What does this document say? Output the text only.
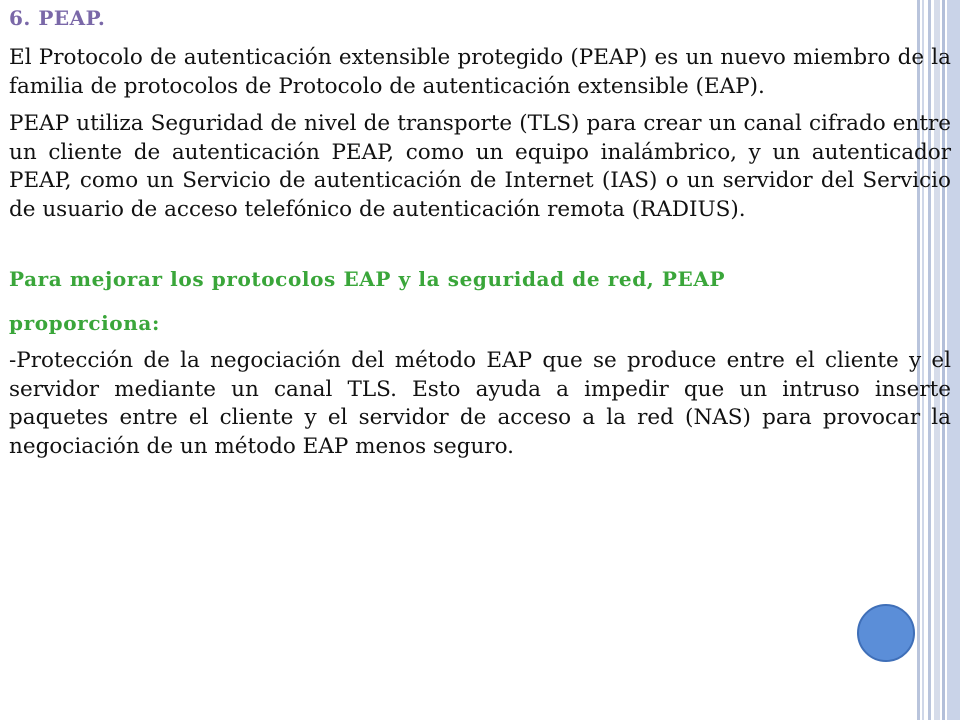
6. PEAP.

El Protocolo de autenticación extensible protegido (PEAP) es un nuevo miembro de la familia de protocolos de Protocolo de autenticación extensible (EAP).

PEAP utiliza Seguridad de nivel de transporte (TLS) para crear un canal cifrado entre un cliente de autenticación PEAP, como un equipo inalámbrico, y un autenticador PEAP, como un Servicio de autenticación de Internet (IAS) o un servidor del Servicio de usuario de acceso telefónico de autenticación remota (RADIUS).

Para mejorar los protocolos EAP y la seguridad de red, PEAP
proporciona:

-Protección de la negociación del método EAP que se produce entre el cliente y el servidor mediante un canal TLS. Esto ayuda a impedir que un intruso inserte paquetes entre el cliente y el servidor de acceso a la red (NAS) para provocar la negociación de un método EAP menos seguro.
